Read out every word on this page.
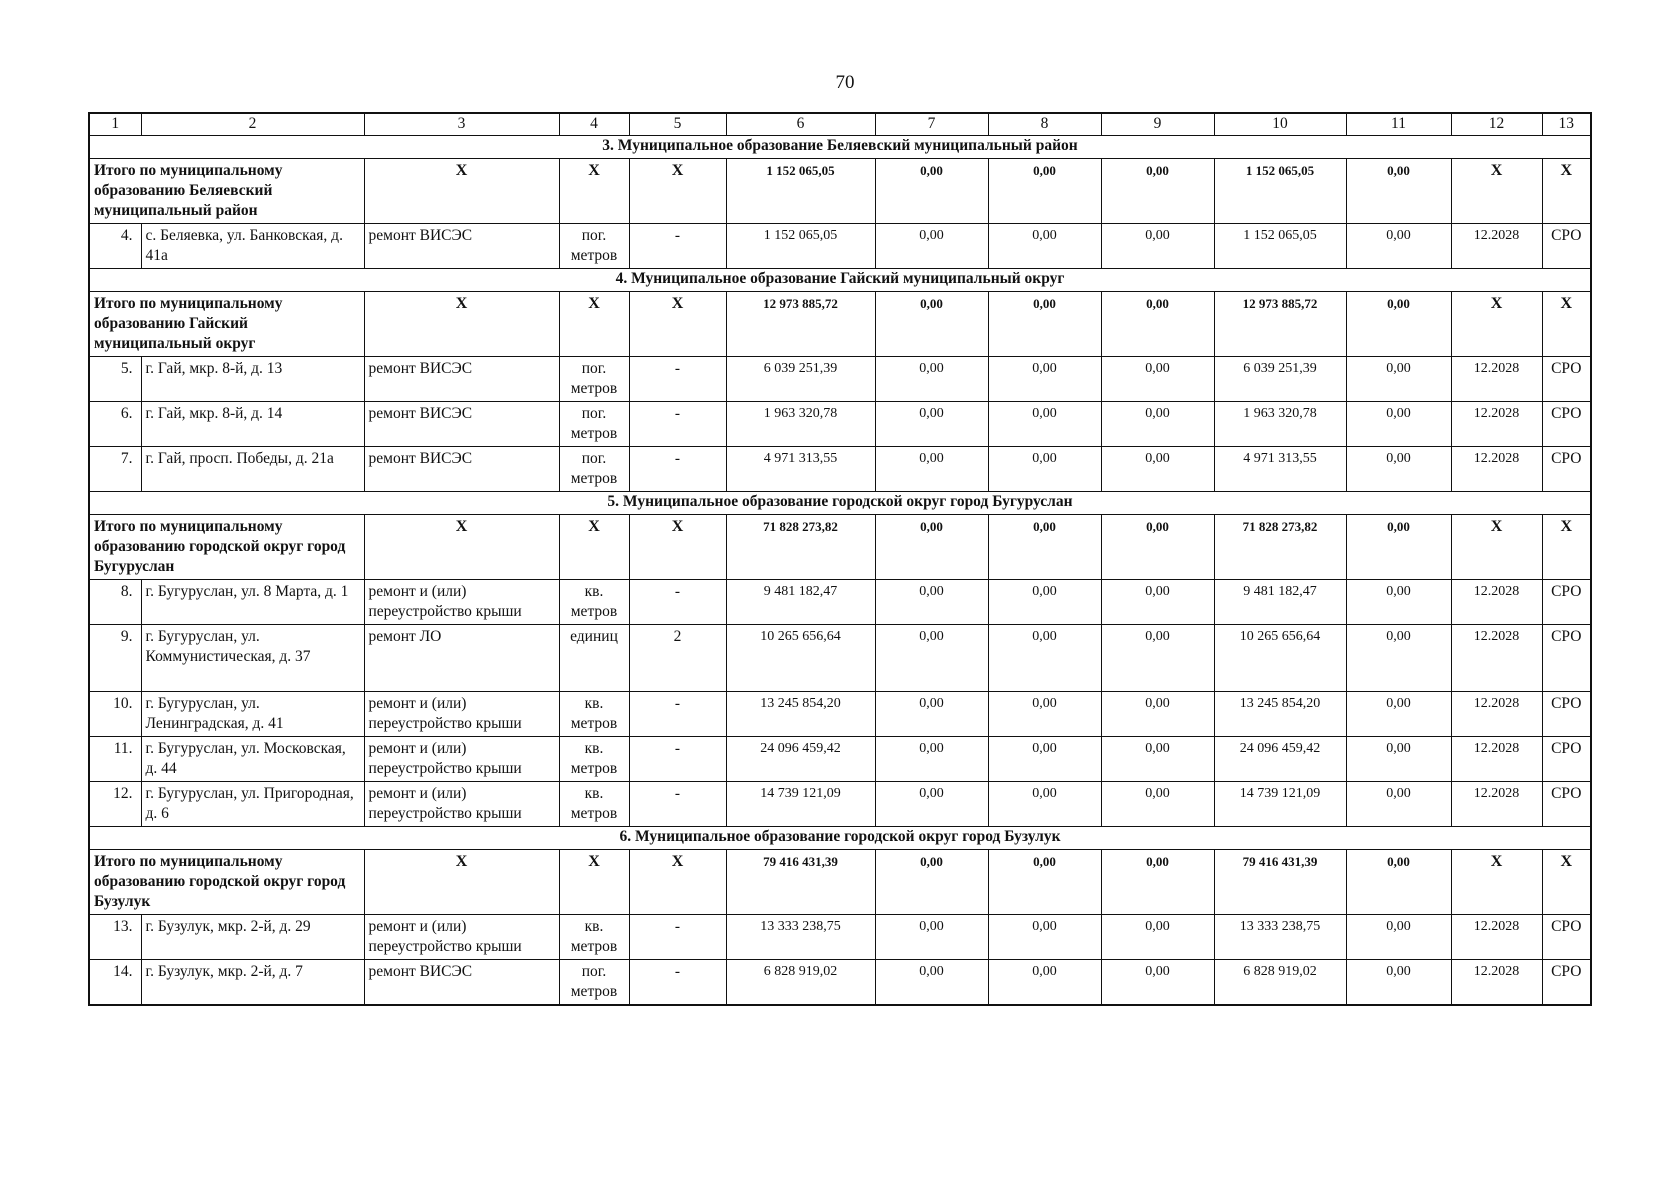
70
1	2	3	4	5	6	7	8	9	10	11	12	13
3. Муниципальное образование Беляевский муниципальный район												
Итого по муниципальному образованию Беляевский муниципальный район		X	X	X	1 152 065,05	0,00	0,00	0,00	1 152 065,05	0,00	X	X
4.	с. Беляевка, ул. Банковская, д. 41а	ремонт ВИСЭС	пог. метров	-	1 152 065,05	0,00	0,00	0,00	1 152 065,05	0,00	12.2028	СРО
4. Муниципальное образование Гайский муниципальный округ												
Итого по муниципальному образованию Гайский муниципальный округ		X	X	X	12 973 885,72	0,00	0,00	0,00	12 973 885,72	0,00	X	X
5.	г. Гай, мкр. 8-й, д. 13	ремонт ВИСЭС	пог. метров	-	6 039 251,39	0,00	0,00	0,00	6 039 251,39	0,00	12.2028	СРО
6.	г. Гай, мкр. 8-й, д. 14	ремонт ВИСЭС	пог. метров	-	1 963 320,78	0,00	0,00	0,00	1 963 320,78	0,00	12.2028	СРО
7.	г. Гай, просп. Победы, д. 21а	ремонт ВИСЭС	пог. метров	-	4 971 313,55	0,00	0,00	0,00	4 971 313,55	0,00	12.2028	СРО
5. Муниципальное образование городской округ город Бугуруслан												
Итого по муниципальному образованию городской округ город Бугуруслан		X	X	X	71 828 273,82	0,00	0,00	0,00	71 828 273,82	0,00	X	X
8.	г. Бугуруслан, ул. 8 Марта, д. 1	ремонт и (или) переустройство крыши	кв. метров	-	9 481 182,47	0,00	0,00	0,00	9 481 182,47	0,00	12.2028	СРО
9.	г. Бугуруслан, ул. Коммунистическая, д. 37	ремонт ЛО	единиц	2	10 265 656,64	0,00	0,00	0,00	10 265 656,64	0,00	12.2028	СРО
10.	г. Бугуруслан, ул. Ленинградская, д. 41	ремонт и (или) переустройство крыши	кв. метров	-	13 245 854,20	0,00	0,00	0,00	13 245 854,20	0,00	12.2028	СРО
11.	г. Бугуруслан, ул. Московская, д. 44	ремонт и (или) переустройство крыши	кв. метров	-	24 096 459,42	0,00	0,00	0,00	24 096 459,42	0,00	12.2028	СРО
12.	г. Бугуруслан, ул. Пригородная, д. 6	ремонт и (или) переустройство крыши	кв. метров	-	14 739 121,09	0,00	0,00	0,00	14 739 121,09	0,00	12.2028	СРО
6. Муниципальное образование городской округ город Бузулук												
Итого по муниципальному образованию городской округ город Бузулук		X	X	X	79 416 431,39	0,00	0,00	0,00	79 416 431,39	0,00	X	X
13.	г. Бузулук, мкр. 2-й, д. 29	ремонт и (или) переустройство крыши	кв. метров	-	13 333 238,75	0,00	0,00	0,00	13 333 238,75	0,00	12.2028	СРО
14.	г. Бузулук, мкр. 2-й, д. 7	ремонт ВИСЭС	пог. метров	-	6 828 919,02	0,00	0,00	0,00	6 828 919,02	0,00	12.2028	СРО
